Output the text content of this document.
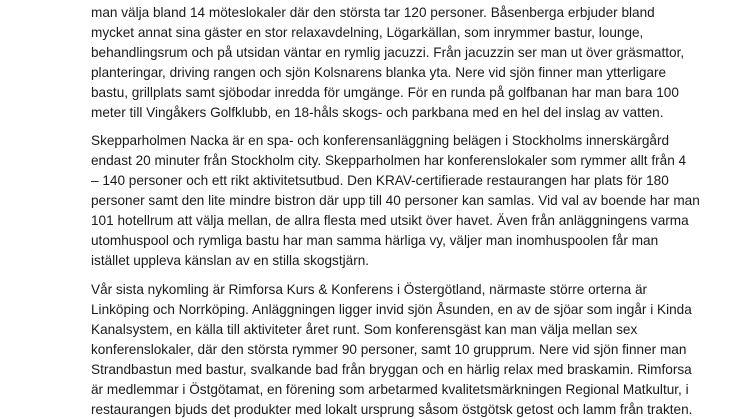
man välja bland 14 möteslokaler där den största tar 120 personer. Båsenberga erbjuder bland
mycket annat sina gäster en stor relaxavdelning, Lögarkällan, som inrymmer bastur, lounge,
behandlingsrum och på utsidan väntar en rymlig jacuzzi. Från jacuzzin ser man ut över gräsmattor,
planteringar, driving rangen och sjön Kolsnarens blanka yta. Nere vid sjön finner man ytterligare
bastu, grillplats samt sjöbodar inredda för umgänge. För en runda på golfbanan har man bara 100
meter till Vingåkers Golfklubb, en 18-håls skogs- och parkbana med en hel del inslag av vatten.

Skepparholmen Nacka är en spa- och konferensanläggning belägen i Stockholms innerskärgård
endast 20 minuter från Stockholm city. Skepparholmen har konferenslokaler som rymmer allt från 4
– 140 personer och ett rikt aktivitetsutbud. Den KRAV-certifierade restaurangen har plats för 180
personer samt den lite mindre bistron där upp till 40 personer kan samlas. Vid val av boende har man
101 hotellrum att välja mellan, de allra flesta med utsikt över havet. Även från anläggningens varma
utomhuspool och rymliga bastu har man samma härliga vy, väljer man inomhuspoolen får man
istället uppleva känslan av en stilla skogstjärn.

Vår sista nykomling är Rimforsa Kurs & Konferens i Östergötland, närmaste större orterna är
Linköping och Norrköping. Anläggningen ligger invid sjön Åsunden, en av de sjöar som ingår i Kinda
Kanalsystem, en källa till aktiviteter året runt. Som konferensgäst kan man välja mellan sex
konferenslokaler, där den största rymmer 90 personer, samt 10 grupprum. Nere vid sjön finner man
Strandbastun med bastur, svalkande bad från bryggan och en härlig relax med braskamin. Rimforsa
är medlemmar i Östgötamat, en förening som arbetarmed kvalitetsmärkningen Regional Matkultur, i
restaurangen bjuds det produkter med lokalt ursprung såsom östgötsk getost och lamm från trakten.
